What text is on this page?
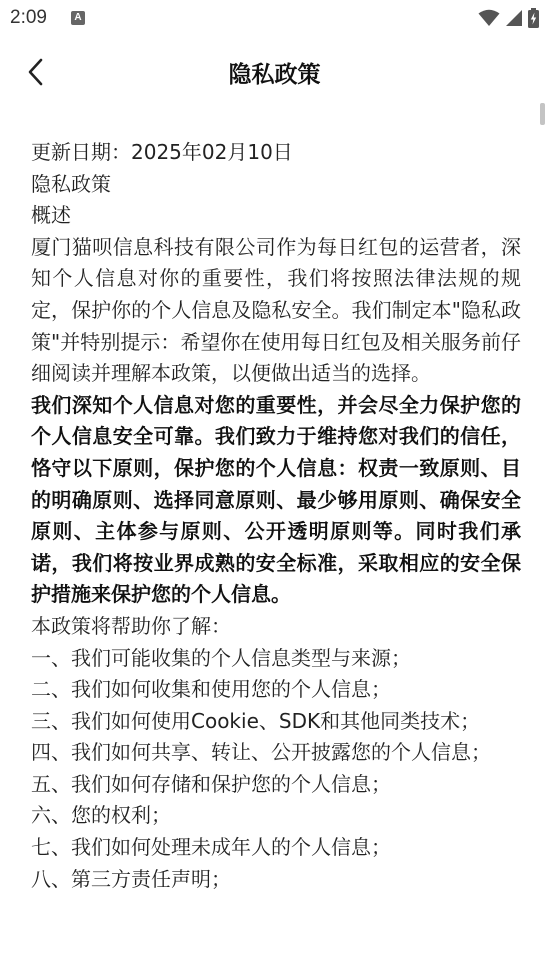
2:09	A
隐私政策

更新日期：2025年02月10日

隐私政策

概述

厦门猫呗信息科技有限公司作为每日红包的运营者，深知个人信息对你的重要性，我们将按照法律法规的规定，保护你的个人信息及隐私安全。我们制定本"隐私政策"并特别提示：希望你在使用每日红包及相关服务前仔细阅读并理解本政策，以便做出适当的选择。

我们深知个人信息对您的重要性，并会尽全力保护您的个人信息安全可靠。我们致力于维持您对我们的信任，恪守以下原则，保护您的个人信息：权责一致原则、目的明确原则、选择同意原则、最少够用原则、确保安全原则、主体参与原则、公开透明原则等。同时我们承诺，我们将按业界成熟的安全标准，采取相应的安全保护措施来保护您的个人信息。

本政策将帮助你了解：

一、我们可能收集的个人信息类型与来源；

二、我们如何收集和使用您的个人信息；

三、我们如何使用Cookie、SDK和其他同类技术；

四、我们如何共享、转让、公开披露您的个人信息；

五、我们如何存储和保护您的个人信息；

六、您的权利；

七、我们如何处理未成年人的个人信息；

八、第三方责任声明；
